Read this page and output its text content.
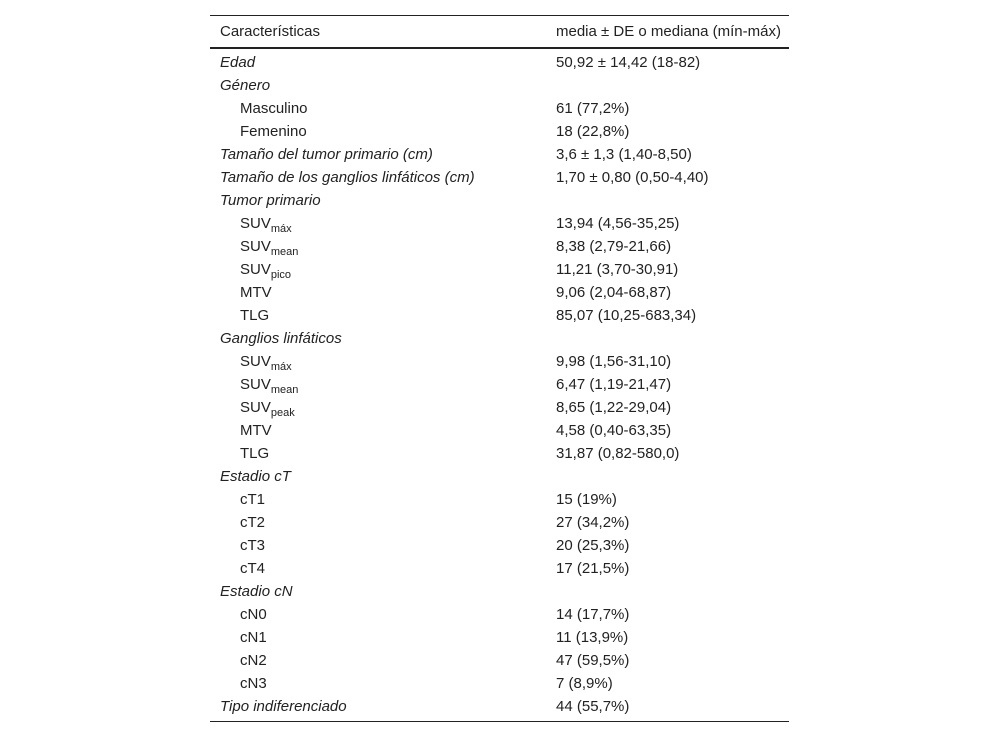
Características	media ± DE o mediana (mín-máx)
Edad	50,92 ± 14,42 (18-82)
Género	
Masculino	61 (77,2%)
Femenino	18 (22,8%)
Tamaño del tumor primario (cm)	3,6 ± 1,3 (1,40-8,50)
Tamaño de los ganglios linfáticos (cm)	1,70 ± 0,80 (0,50-4,40)
Tumor primario	
$SUV_{máx}$	13,94 (4,56-35,25)
$SUV_{mean}$	8,38 (2,79-21,66)
$SUV_{pico}$	11,21 (3,70-30,91)
MTV	9,06 (2,04-68,87)
TLG	85,07 (10,25-683,34)
Ganglios linfáticos	
$SUV_{máx}$	9,98 (1,56-31,10)
$SUV_{mean}$	6,47 (1,19-21,47)
$SUV_{peak}$	8,65 (1,22-29,04)
MTV	4,58 (0,40-63,35)
TLG	31,87 (0,82-580,0)
Estadio cT	
cT1	15 (19%)
cT2	27 (34,2%)
cT3	20 (25,3%)
cT4	17 (21,5%)
Estadio cN	
cN0	14 (17,7%)
cN1	11 (13,9%)
cN2	47 (59,5%)
cN3	7 (8,9%)
Tipo indiferenciado	44 (55,7%)
